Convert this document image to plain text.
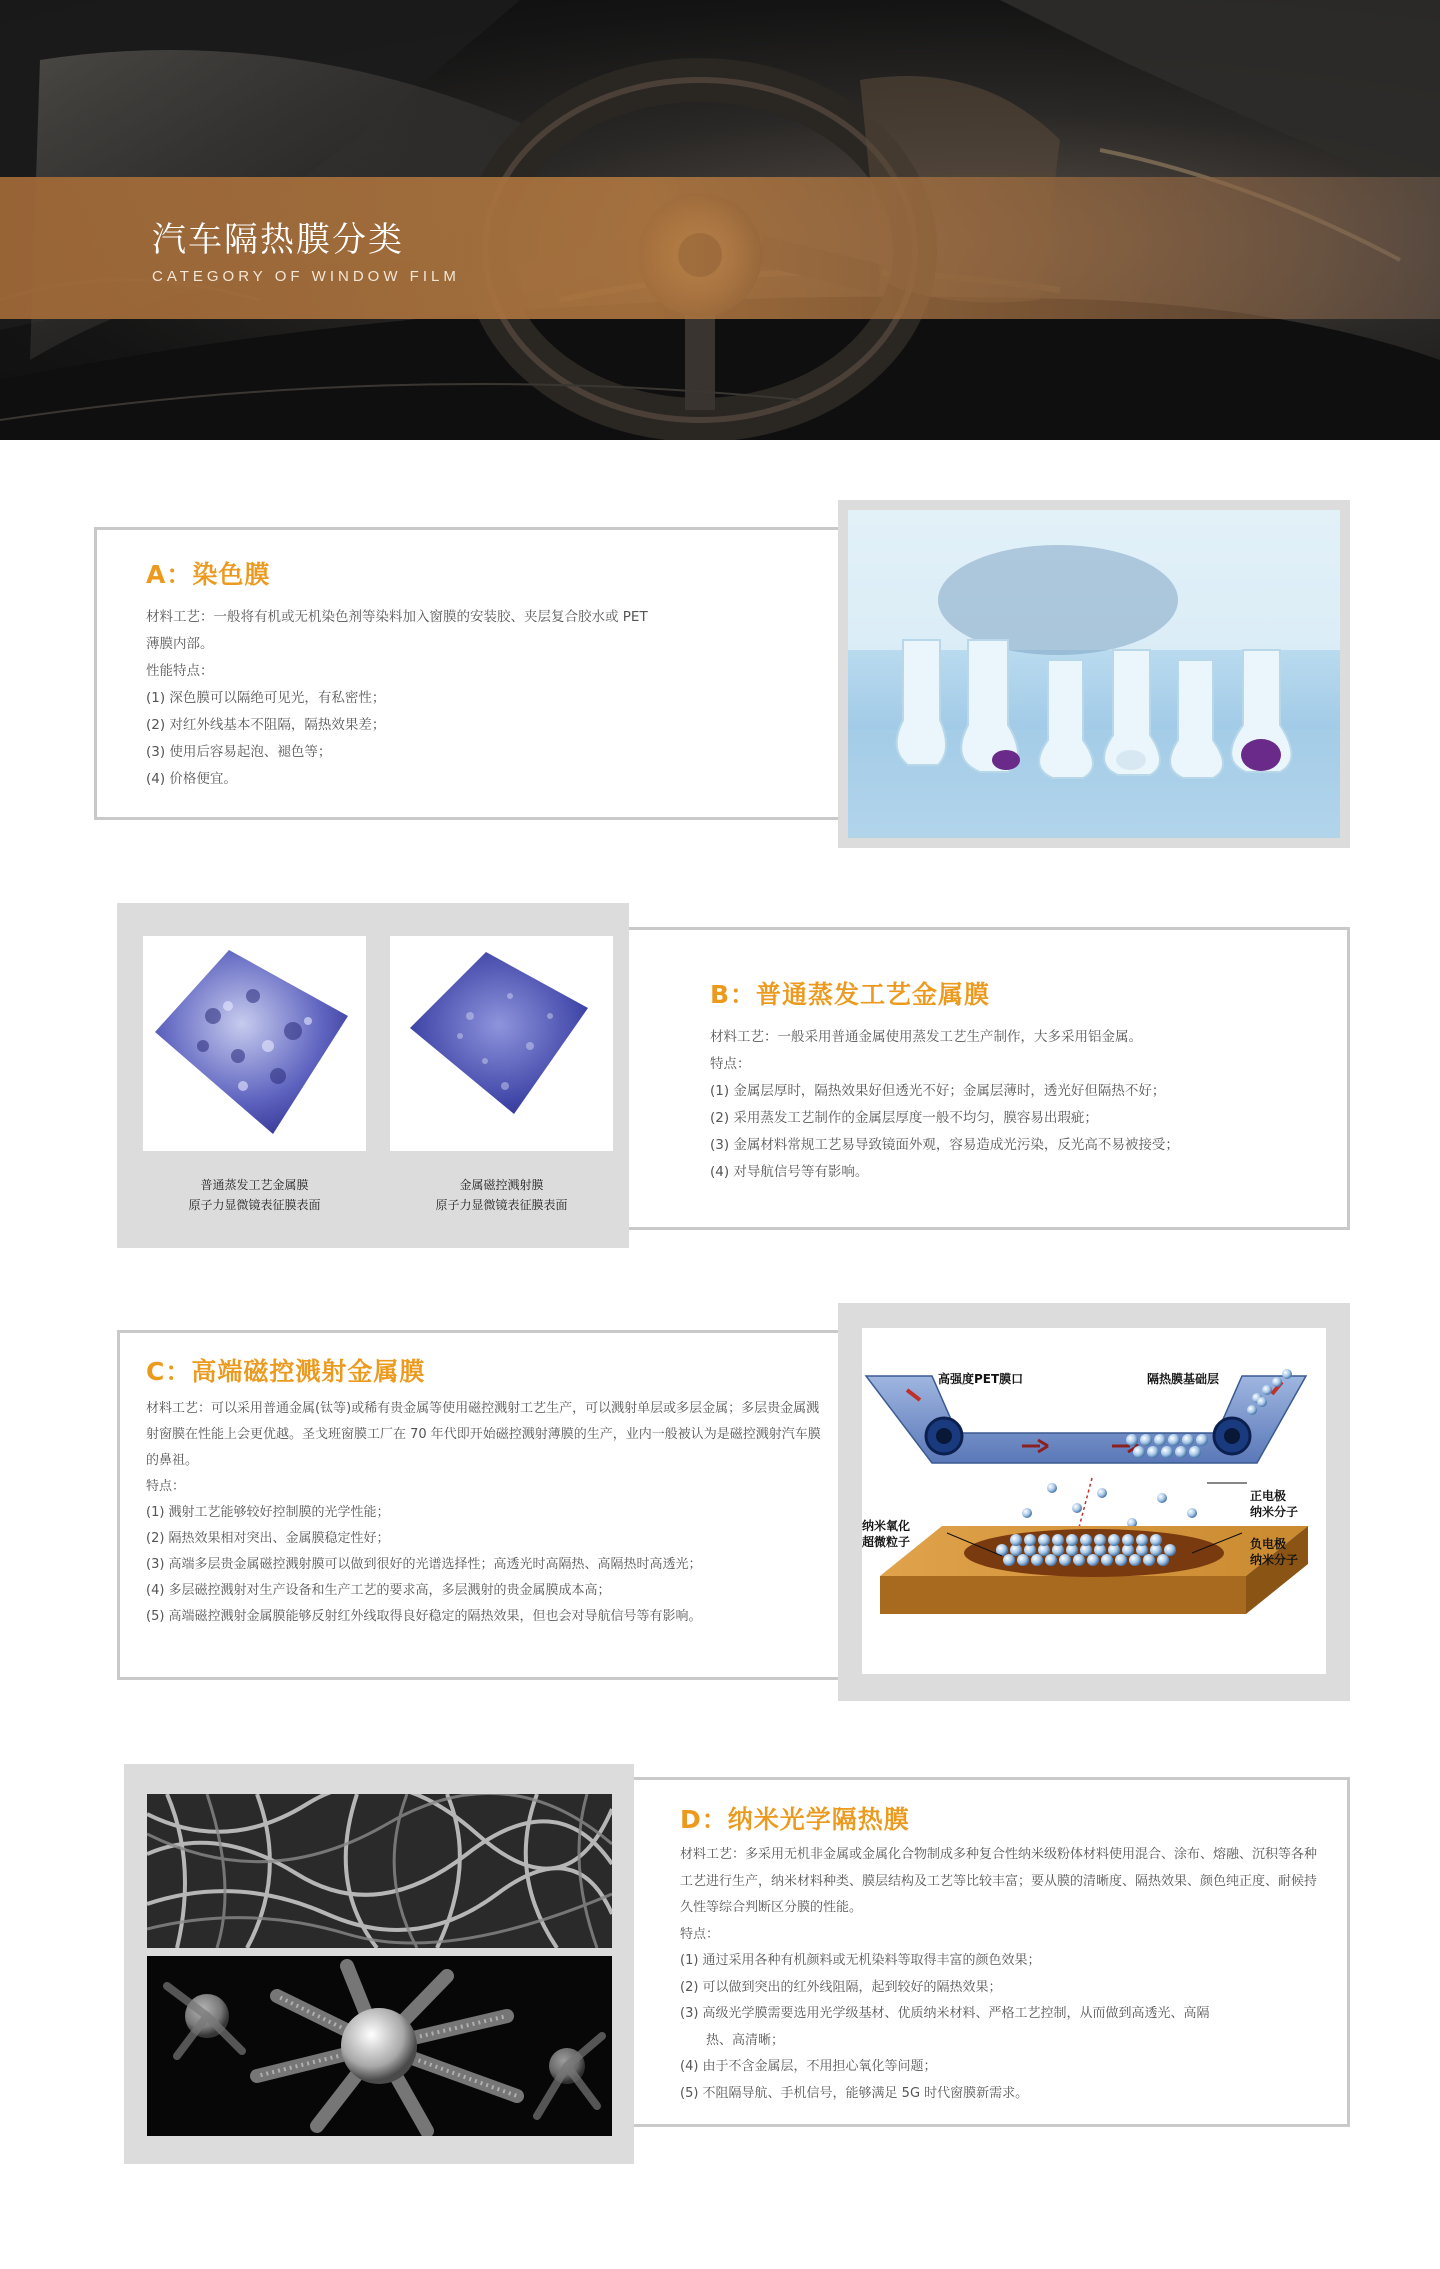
汽车隔热膜分类
CATEGORY OF WINDOW FILM
A：染色膜

材料工艺：一般将有机或无机染色剂等染料加入窗膜的安装胶、夹层复合胶水或 PET

薄膜内部。

性能特点：

(1) 深色膜可以隔绝可见光，有私密性；

(2) 对红外线基本不阻隔，隔热效果差；

(3) 使用后容易起泡、褪色等；

(4) 价格便宜。

普通蒸发工艺金属膜

原子力显微镜表征膜表面

金属磁控溅射膜

原子力显微镜表征膜表面

B：普通蒸发工艺金属膜

材料工艺：一般采用普通金属使用蒸发工艺生产制作，大多采用铝金属。

特点：

(1) 金属层厚时，隔热效果好但透光不好；金属层薄时，透光好但隔热不好；

(2) 采用蒸发工艺制作的金属层厚度一般不均匀，膜容易出瑕疵；

(3) 金属材料常规工艺易导致镜面外观，容易造成光污染，反光高不易被接受；

(4) 对导航信号等有影响。

C：高端磁控溅射金属膜

材料工艺：可以采用普通金属(钛等)或稀有贵金属等使用磁控溅射工艺生产，可以溅射单层或多层金属；多层贵金属溅射窗膜在性能上会更优越。圣戈班窗膜工厂在 70 年代即开始磁控溅射薄膜的生产，业内一般被认为是磁控溅射汽车膜的鼻祖。

特点：

(1) 溅射工艺能够较好控制膜的光学性能；

(2) 隔热效果相对突出、金属膜稳定性好；

(3) 高端多层贵金属磁控溅射膜可以做到很好的光谱选择性；高透光时高隔热、高隔热时高透光；

(4) 多层磁控溅射对生产设备和生产工艺的要求高，多层溅射的贵金属膜成本高；

(5) 高端磁控溅射金属膜能够反射红外线取得良好稳定的隔热效果，但也会对导航信号等有影响。

高强度PET膜口	隔热膜基础层

正电极

纳米分子

纳米氧化

超微粒子	负电极

纳米分子

D：纳米光学隔热膜

材料工艺：多采用无机非金属或金属化合物制成多种复合性纳米级粉体材料使用混合、涂布、熔融、沉积等各种工艺进行生产，纳米材料种类、膜层结构及工艺等比较丰富；要从膜的清晰度、隔热效果、颜色纯正度、耐候持久性等综合判断区分膜的性能。

特点：

(1) 通过采用各种有机颜料或无机染料等取得丰富的颜色效果；

(2) 可以做到突出的红外线阻隔，起到较好的隔热效果；

(3) 高级光学膜需要选用光学级基材、优质纳米材料、严格工艺控制，从而做到高透光、高隔

热、高清晰；

(4) 由于不含金属层，不用担心氧化等问题；

(5) 不阻隔导航、手机信号，能够满足 5G 时代窗膜新需求。
